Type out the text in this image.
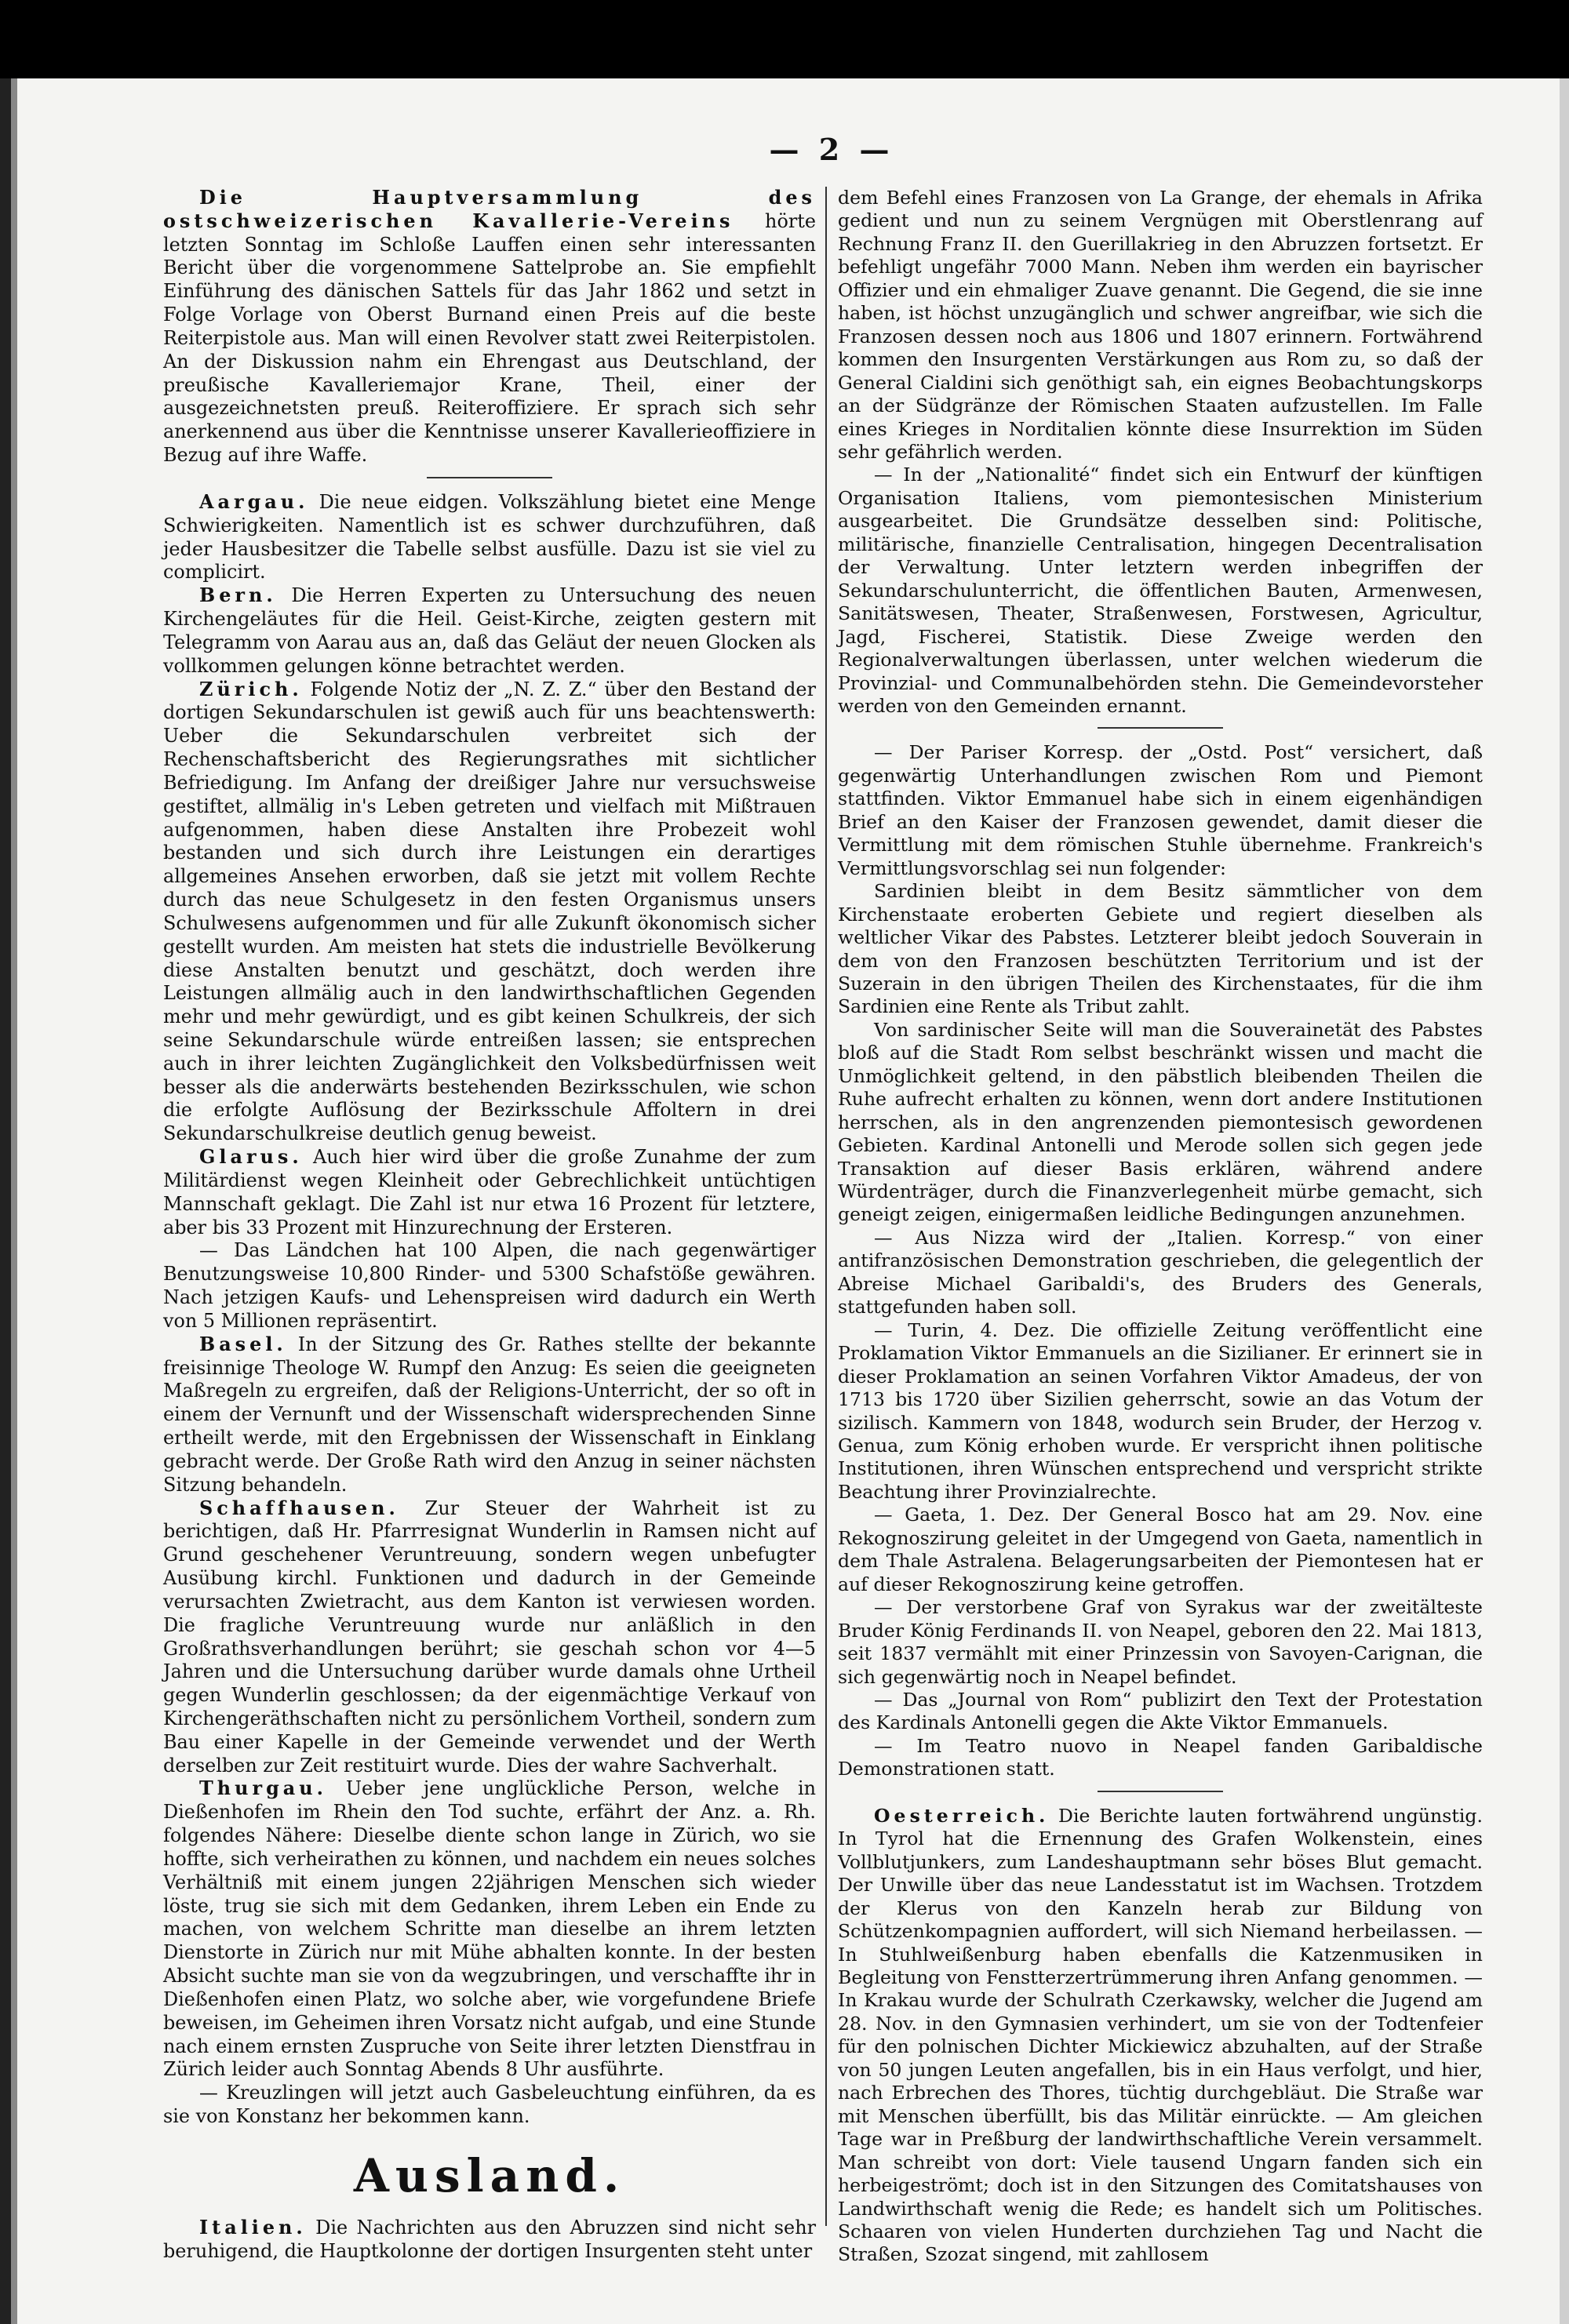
— 2 —

Die Hauptversammlung des ostschweizerischen Kavallerie-Vereins hörte letzten Sonntag im Schloße Lauffen einen sehr interessanten Bericht über die vorgenommene Sattelprobe an. Sie empfiehlt Einführung des dänischen Sattels für das Jahr 1862 und setzt in Folge Vorlage von Oberst Burnand einen Preis auf die beste Reiterpistole aus. Man will einen Revolver statt zwei Reiterpistolen. An der Diskussion nahm ein Ehrengast aus Deutschland, der preußische Kavalleriemajor Krane, Theil, einer der ausgezeichnetsten preuß. Reiteroffiziere. Er sprach sich sehr anerkennend aus über die Kenntnisse unserer Kavallerieoffiziere in Bezug auf ihre Waffe.

Aargau. Die neue eidgen. Volkszählung bietet eine Menge Schwierigkeiten. Namentlich ist es schwer durchzuführen, daß jeder Hausbesitzer die Tabelle selbst ausfülle. Dazu ist sie viel zu complicirt.

Bern. Die Herren Experten zu Untersuchung des neuen Kirchengeläutes für die Heil. Geist-Kirche, zeigten gestern mit Telegramm von Aarau aus an, daß das Geläut der neuen Glocken als vollkommen gelungen könne betrachtet werden.

Zürich. Folgende Notiz der „N. Z. Z.“ über den Bestand der dortigen Sekundarschulen ist gewiß auch für uns beachtenswerth: Ueber die Sekundarschulen verbreitet sich der Rechenschaftsbericht des Regierungsrathes mit sichtlicher Befriedigung. Im Anfang der dreißiger Jahre nur versuchsweise gestiftet, allmälig in's Leben getreten und vielfach mit Mißtrauen aufgenommen, haben diese Anstalten ihre Probezeit wohl bestanden und sich durch ihre Leistungen ein derartiges allgemeines Ansehen erworben, daß sie jetzt mit vollem Rechte durch das neue Schulgesetz in den festen Organismus unsers Schulwesens aufgenommen und für alle Zukunft ökonomisch sicher gestellt wurden. Am meisten hat stets die industrielle Bevölkerung diese Anstalten benutzt und geschätzt, doch werden ihre Leistungen allmälig auch in den landwirthschaftlichen Gegenden mehr und mehr gewürdigt, und es gibt keinen Schulkreis, der sich seine Sekundarschule würde entreißen lassen; sie entsprechen auch in ihrer leichten Zugänglichkeit den Volksbedürfnissen weit besser als die anderwärts bestehenden Bezirksschulen, wie schon die erfolgte Auflösung der Bezirksschule Affoltern in drei Sekundarschulkreise deutlich genug beweist.

Glarus. Auch hier wird über die große Zunahme der zum Militärdienst wegen Kleinheit oder Gebrechlichkeit untüchtigen Mannschaft geklagt. Die Zahl ist nur etwa 16 Prozent für letztere, aber bis 33 Prozent mit Hinzurechnung der Ersteren.

— Das Ländchen hat 100 Alpen, die nach gegenwärtiger Benutzungsweise 10,800 Rinder- und 5300 Schafstöße gewähren. Nach jetzigen Kaufs- und Lehenspreisen wird dadurch ein Werth von 5 Millionen repräsentirt.

Basel. In der Sitzung des Gr. Rathes stellte der bekannte freisinnige Theologe W. Rumpf den Anzug: Es seien die geeigneten Maßregeln zu ergreifen, daß der Religions-Unterricht, der so oft in einem der Vernunft und der Wissenschaft widersprechenden Sinne ertheilt werde, mit den Ergebnissen der Wissenschaft in Einklang gebracht werde. Der Große Rath wird den Anzug in seiner nächsten Sitzung behandeln.

Schaffhausen. Zur Steuer der Wahrheit ist zu berichtigen, daß Hr. Pfarrresignat Wunderlin in Ramsen nicht auf Grund geschehener Veruntreuung, sondern wegen unbefugter Ausübung kirchl. Funktionen und dadurch in der Gemeinde verursachten Zwietracht, aus dem Kanton ist verwiesen worden. Die fragliche Veruntreuung wurde nur anläßlich in den Großrathsverhandlungen berührt; sie geschah schon vor 4—5 Jahren und die Untersuchung darüber wurde damals ohne Urtheil gegen Wunderlin geschlossen; da der eigenmächtige Verkauf von Kirchengeräthschaften nicht zu persönlichem Vortheil, sondern zum Bau einer Kapelle in der Gemeinde verwendet und der Werth derselben zur Zeit restituirt wurde. Dies der wahre Sachverhalt.

Thurgau. Ueber jene unglückliche Person, welche in Dießenhofen im Rhein den Tod suchte, erfährt der Anz. a. Rh. folgendes Nähere: Dieselbe diente schon lange in Zürich, wo sie hoffte, sich verheirathen zu können, und nachdem ein neues solches Verhältniß mit einem jungen 22jährigen Menschen sich wieder löste, trug sie sich mit dem Gedanken, ihrem Leben ein Ende zu machen, von welchem Schritte man dieselbe an ihrem letzten Dienstorte in Zürich nur mit Mühe abhalten konnte. In der besten Absicht suchte man sie von da wegzubringen, und verschaffte ihr in Dießenhofen einen Platz, wo solche aber, wie vorgefundene Briefe beweisen, im Geheimen ihren Vorsatz nicht aufgab, und eine Stunde nach einem ernsten Zuspruche von Seite ihrer letzten Dienstfrau in Zürich leider auch Sonntag Abends 8 Uhr ausführte.

— Kreuzlingen will jetzt auch Gasbeleuchtung einführen, da es sie von Konstanz her bekommen kann.

Ausland.

Italien. Die Nachrichten aus den Abruzzen sind nicht sehr beruhigend, die Hauptkolonne der dortigen Insurgenten steht unter

dem Befehl eines Franzosen von La Grange, der ehemals in Afrika gedient und nun zu seinem Vergnügen mit Oberstlenrang auf Rechnung Franz II. den Guerillakrieg in den Abruzzen fortsetzt. Er befehligt ungefähr 7000 Mann. Neben ihm werden ein bayrischer Offizier und ein ehmaliger Zuave genannt. Die Gegend, die sie inne haben, ist höchst unzugänglich und schwer angreifbar, wie sich die Franzosen dessen noch aus 1806 und 1807 erinnern. Fortwährend kommen den Insurgenten Verstärkungen aus Rom zu, so daß der General Cialdini sich genöthigt sah, ein eignes Beobachtungskorps an der Südgränze der Römischen Staaten aufzustellen. Im Falle eines Krieges in Norditalien könnte diese Insurrektion im Süden sehr gefährlich werden.

— In der „Nationalité“ findet sich ein Entwurf der künftigen Organisation Italiens, vom piemontesischen Ministerium ausgearbeitet. Die Grundsätze desselben sind: Politische, militärische, finanzielle Centralisation, hingegen Decentralisation der Verwaltung. Unter letztern werden inbegriffen der Sekundarschulunterricht, die öffentlichen Bauten, Armenwesen, Sanitätswesen, Theater, Straßenwesen, Forstwesen, Agricultur, Jagd, Fischerei, Statistik. Diese Zweige werden den Regionalverwaltungen überlassen, unter welchen wiederum die Provinzial- und Communalbehörden stehn. Die Gemeindevorsteher werden von den Gemeinden ernannt.

— Der Pariser Korresp. der „Ostd. Post“ versichert, daß gegenwärtig Unterhandlungen zwischen Rom und Piemont stattfinden. Viktor Emmanuel habe sich in einem eigenhändigen Brief an den Kaiser der Franzosen gewendet, damit dieser die Vermittlung mit dem römischen Stuhle übernehme. Frankreich's Vermittlungsvorschlag sei nun folgender:

Sardinien bleibt in dem Besitz sämmtlicher von dem Kirchenstaate eroberten Gebiete und regiert dieselben als weltlicher Vikar des Pabstes. Letzterer bleibt jedoch Souverain in dem von den Franzosen beschützten Territorium und ist der Suzerain in den übrigen Theilen des Kirchenstaates, für die ihm Sardinien eine Rente als Tribut zahlt.

Von sardinischer Seite will man die Souverainetät des Pabstes bloß auf die Stadt Rom selbst beschränkt wissen und macht die Unmöglichkeit geltend, in den päbstlich bleibenden Theilen die Ruhe aufrecht erhalten zu können, wenn dort andere Institutionen herrschen, als in den angrenzenden piemontesisch gewordenen Gebieten. Kardinal Antonelli und Merode sollen sich gegen jede Transaktion auf dieser Basis erklären, während andere Würdenträger, durch die Finanzverlegenheit mürbe gemacht, sich geneigt zeigen, einigermaßen leidliche Bedingungen anzunehmen.

— Aus Nizza wird der „Italien. Korresp.“ von einer antifranzösischen Demonstration geschrieben, die gelegentlich der Abreise Michael Garibaldi's, des Bruders des Generals, stattgefunden haben soll.

— Turin, 4. Dez. Die offizielle Zeitung veröffentlicht eine Proklamation Viktor Emmanuels an die Sizilianer. Er erinnert sie in dieser Proklamation an seinen Vorfahren Viktor Amadeus, der von 1713 bis 1720 über Sizilien geherrscht, sowie an das Votum der sizilisch. Kammern von 1848, wodurch sein Bruder, der Herzog v. Genua, zum König erhoben wurde. Er verspricht ihnen politische Institutionen, ihren Wünschen entsprechend und verspricht strikte Beachtung ihrer Provinzialrechte.

— Gaeta, 1. Dez. Der General Bosco hat am 29. Nov. eine Rekognoszirung geleitet in der Umgegend von Gaeta, namentlich in dem Thale Astralena. Belagerungsarbeiten der Piemontesen hat er auf dieser Rekognoszirung keine getroffen.

— Der verstorbene Graf von Syrakus war der zweitälteste Bruder König Ferdinands II. von Neapel, geboren den 22. Mai 1813, seit 1837 vermählt mit einer Prinzessin von Savoyen-Carignan, die sich gegenwärtig noch in Neapel befindet.

— Das „Journal von Rom“ publizirt den Text der Protestation des Kardinals Antonelli gegen die Akte Viktor Emmanuels.

— Im Teatro nuovo in Neapel fanden Garibaldische Demonstrationen statt.

Oesterreich. Die Berichte lauten fortwährend ungünstig. In Tyrol hat die Ernennung des Grafen Wolkenstein, eines Vollblutjunkers, zum Landeshauptmann sehr böses Blut gemacht. Der Unwille über das neue Landesstatut ist im Wachsen. Trotzdem der Klerus von den Kanzeln herab zur Bildung von Schützenkompagnien auffordert, will sich Niemand herbeilassen. — In Stuhlweißenburg haben ebenfalls die Katzenmusiken in Begleitung von Fenstterzertrümmerung ihren Anfang genommen. — In Krakau wurde der Schulrath Czerkawsky, welcher die Jugend am 28. Nov. in den Gymnasien verhindert, um sie von der Todtenfeier für den polnischen Dichter Mickiewicz abzuhalten, auf der Straße von 50 jungen Leuten angefallen, bis in ein Haus verfolgt, und hier, nach Erbrechen des Thores, tüchtig durchgebläut. Die Straße war mit Menschen überfüllt, bis das Militär einrückte. — Am gleichen Tage war in Preßburg der landwirthschaftliche Verein versammelt. Man schreibt von dort: Viele tausend Ungarn fanden sich ein herbeigeströmt; doch ist in den Sitzungen des Comitatshauses von Landwirthschaft wenig die Rede; es handelt sich um Politisches. Schaaren von vielen Hunderten durchziehen Tag und Nacht die Straßen, Szozat singend, mit zahllosem
